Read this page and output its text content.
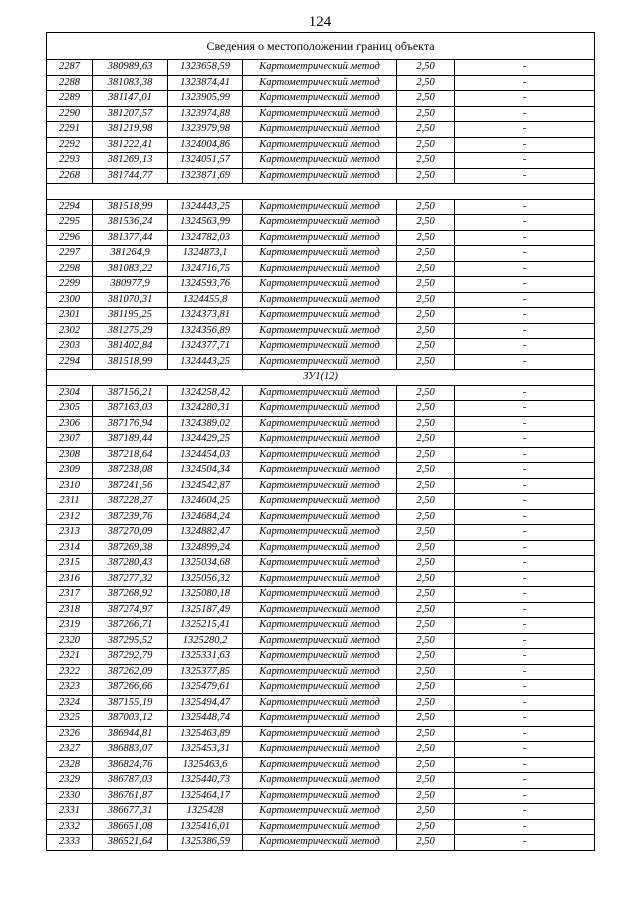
124
Сведения о местоположении границ объекта					
2287	380989,63	1323658,59	Картометрический метод	2,50	-
2288	381083,38	1323874,41	Картометрический метод	2,50	-
2289	381147,01	1323905,99	Картометрический метод	2,50	-
2290	381207,57	1323974,88	Картометрический метод	2,50	-
2291	381219,98	1323979,98	Картометрический метод	2,50	-
2292	381222,41	1324004,86	Картометрический метод	2,50	-
2293	381269,13	1324051,57	Картометрический метод	2,50	-
2268	381744,77	1323871,69	Картометрический метод	2,50	-

2294	381518,99	1324443,25	Картометрический метод	2,50	-
2295	381536,24	1324563,99	Картометрический метод	2,50	-
2296	381377,44	1324782,03	Картометрический метод	2,50	-
2297	381264,9	1324873,1	Картометрический метод	2,50	-
2298	381083,22	1324716,75	Картометрический метод	2,50	-
2299	380977,9	1324593,76	Картометрический метод	2,50	-
2300	381070,31	1324455,8	Картометрический метод	2,50	-
2301	381195,25	1324373,81	Картометрический метод	2,50	-
2302	381275,29	1324356,89	Картометрический метод	2,50	-
2303	381402,84	1324377,71	Картометрический метод	2,50	-
2294	381518,99	1324443,25	Картометрический метод	2,50	-
ЗУ1(12)					
2304	387156,21	1324258,42	Картометрический метод	2,50	-
2305	387163,03	1324280,31	Картометрический метод	2,50	-
2306	387176,94	1324389,02	Картометрический метод	2,50	-
2307	387189,44	1324429,25	Картометрический метод	2,50	-
2308	387218,64	1324454,03	Картометрический метод	2,50	-
2309	387238,08	1324504,34	Картометрический метод	2,50	-
2310	387241,56	1324542,87	Картометрический метод	2,50	-
2311	387228,27	1324604,25	Картометрический метод	2,50	-
2312	387239,76	1324684,24	Картометрический метод	2,50	-
2313	387270,09	1324882,47	Картометрический метод	2,50	-
2314	387269,38	1324899,24	Картометрический метод	2,50	-
2315	387280,43	1325034,68	Картометрический метод	2,50	-
2316	387277,32	1325056,32	Картометрический метод	2,50	-
2317	387268,92	1325080,18	Картометрический метод	2,50	-
2318	387274,97	1325187,49	Картометрический метод	2,50	-
2319	387266,71	1325215,41	Картометрический метод	2,50	-
2320	387295,52	1325280,2	Картометрический метод	2,50	-
2321	387292,79	1325331,63	Картометрический метод	2,50	-
2322	387262,09	1325377,85	Картометрический метод	2,50	-
2323	387266,66	1325479,61	Картометрический метод	2,50	-
2324	387155,19	1325494,47	Картометрический метод	2,50	-
2325	387003,12	1325448,74	Картометрический метод	2,50	-
2326	386944,81	1325463,89	Картометрический метод	2,50	-
2327	386883,07	1325453,31	Картометрический метод	2,50	-
2328	386824,76	1325463,6	Картометрический метод	2,50	-
2329	386787,03	1325440,73	Картометрический метод	2,50	-
2330	386761,87	1325464,17	Картометрический метод	2,50	-
2331	386677,31	1325428	Картометрический метод	2,50	-
2332	386651,08	1325416,01	Картометрический метод	2,50	-
2333	386521,64	1325386,59	Картометрический метод	2,50	-
